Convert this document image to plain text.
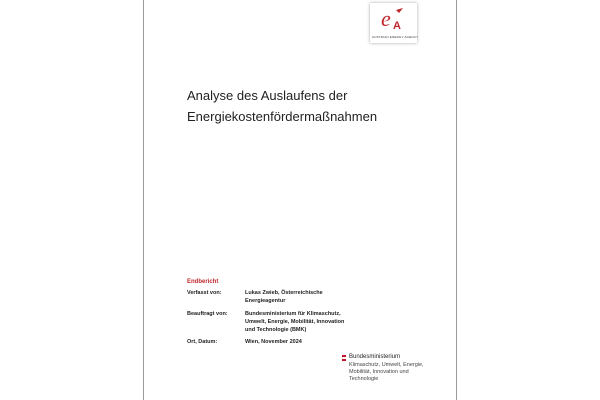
e A
AUSTRIAN ENERGY AGENCY
Analyse des Auslaufens der
Energiekostenfördermaßnahmen
Endbericht
Verfasst von:	Lukas Zwieb, Österreichische Energieagentur
Beauftragt von:	Bundesministerium für Klimaschutz, Umwelt, Energie, Mobilität, Innovation und Technologie (BMK)
Ort, Datum:	Wien, November 2024
Bundesministerium
Klimaschutz, Umwelt, Energie, Mobilität, Innovation und Technologie
